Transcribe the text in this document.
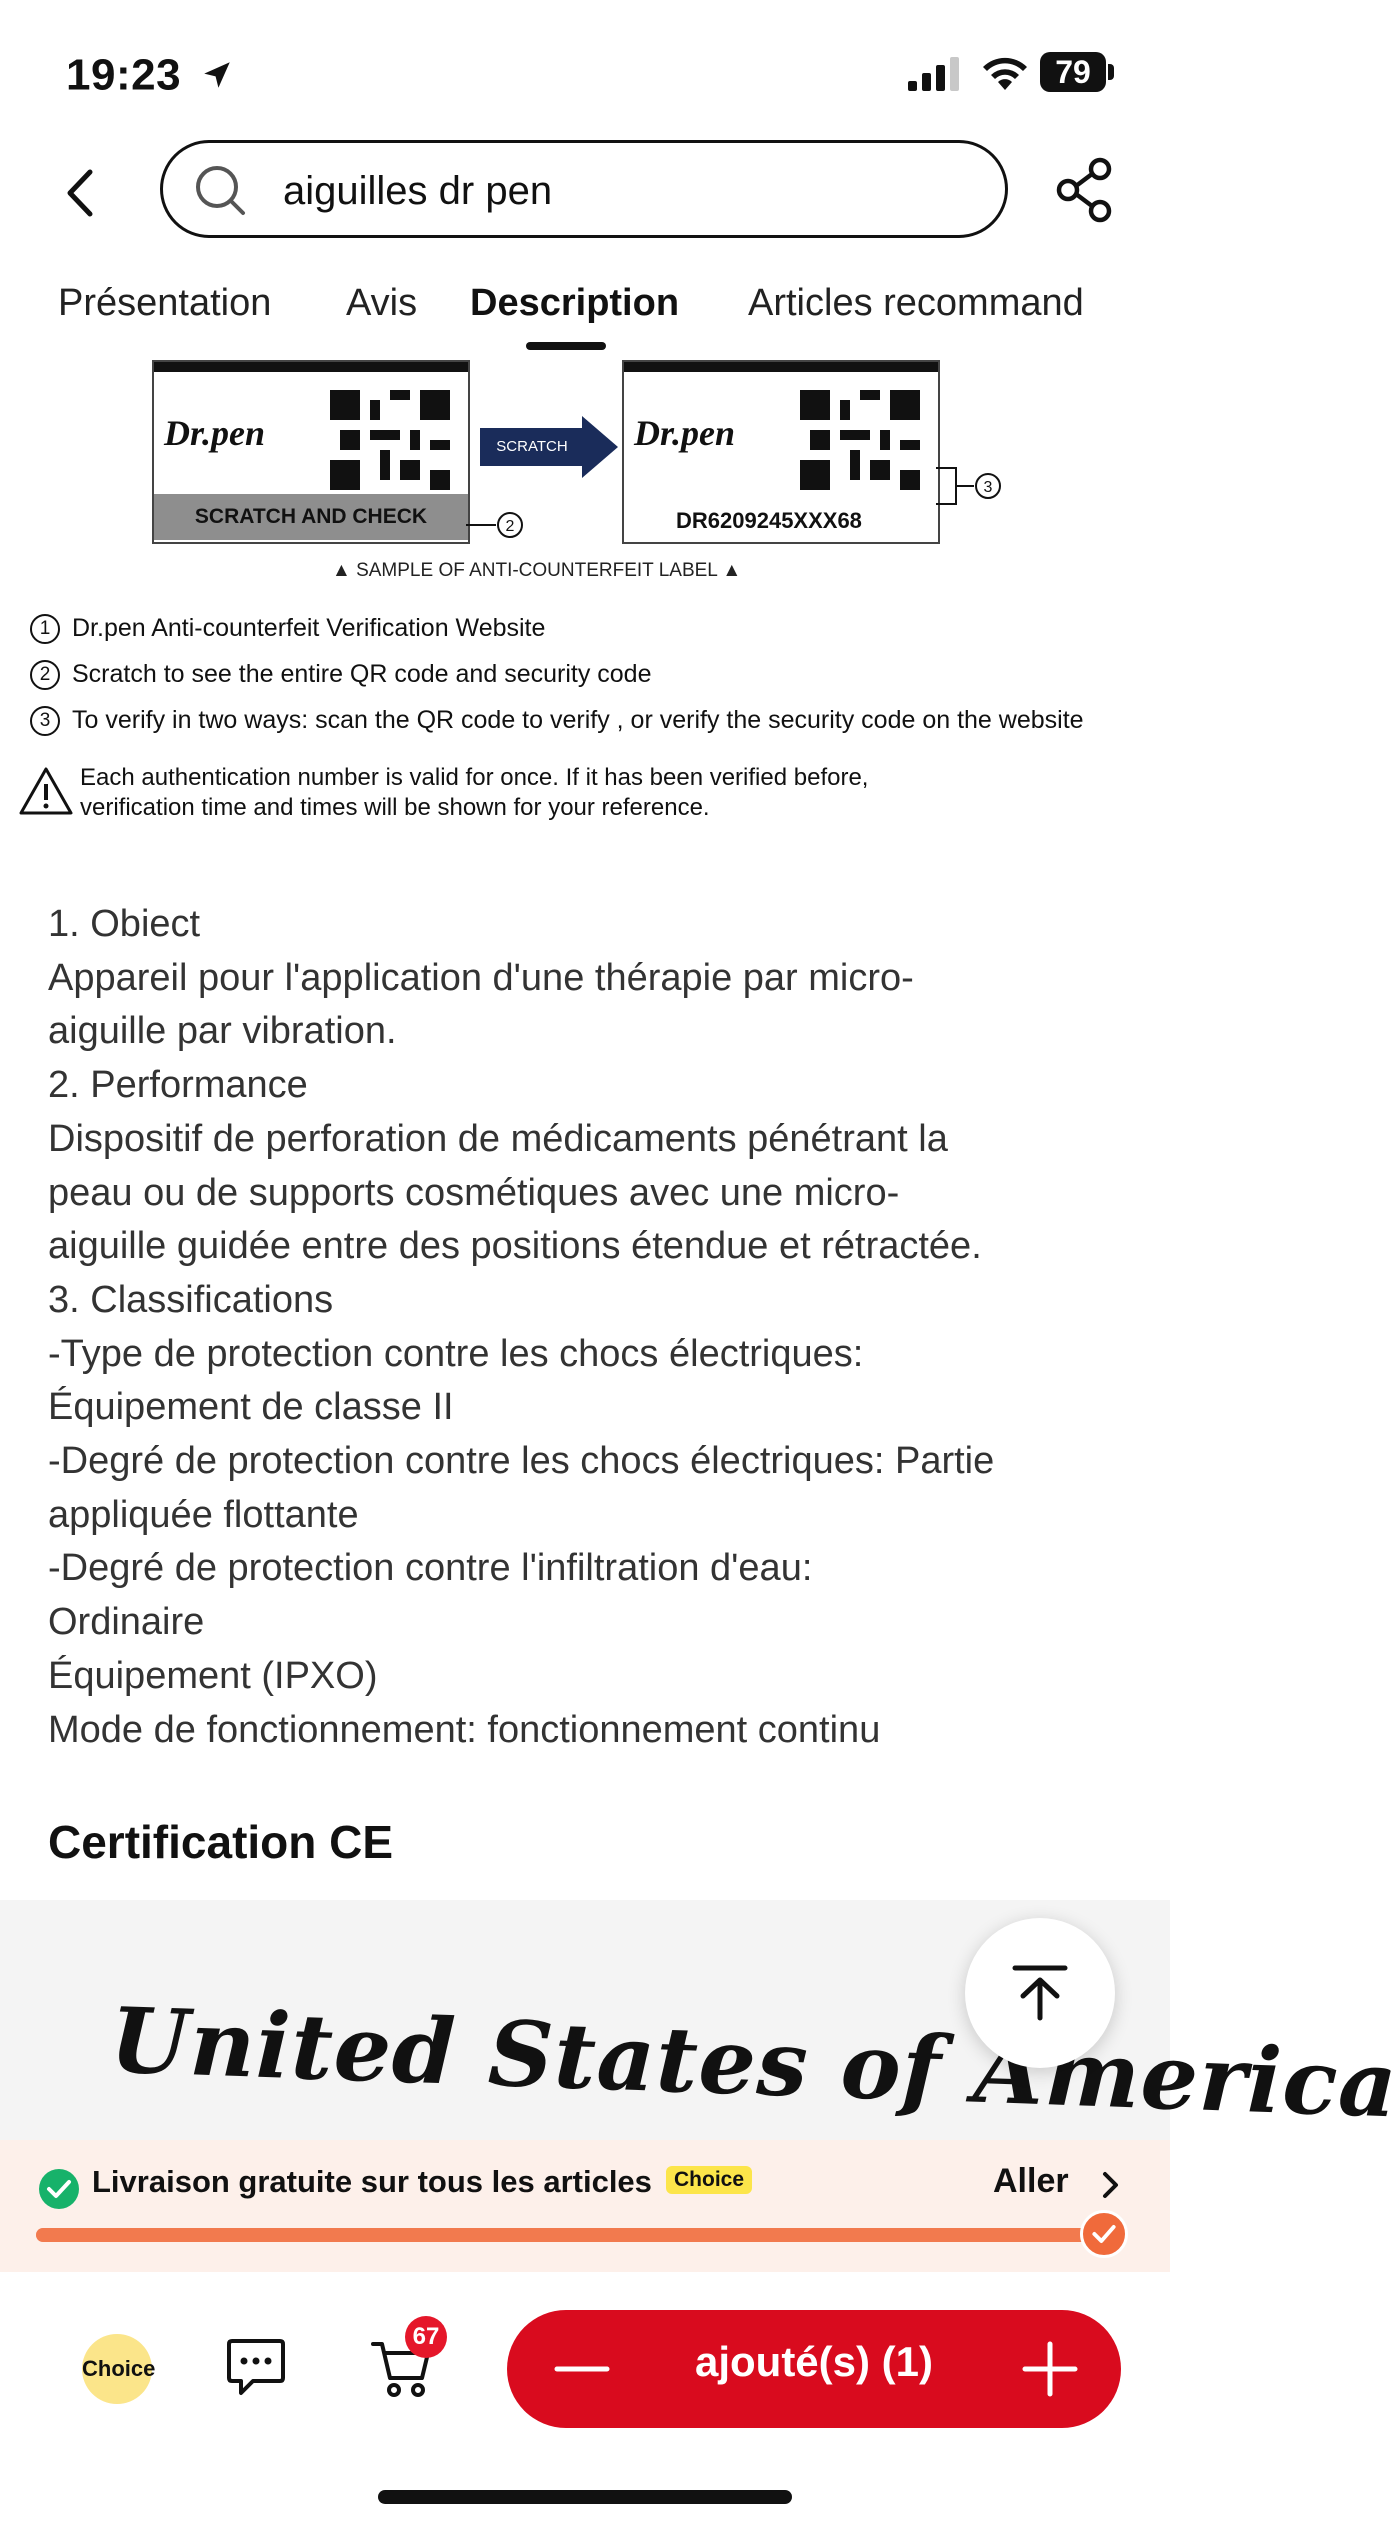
19:23	79
aiguilles dr pen
Présentation Avis Description Articles recommand
Dr.pen
SCRATCH AND CHECK	2
SCRATCH	Dr.pen
DR6209245XXX68
3
▲ SAMPLE OF ANTI-COUNTERFEIT LABEL ▲
1 Dr.pen Anti-counterfeit Verification Website
2 Scratch to see the entire QR code and security code
3 To verify in two ways: scan the QR code to verify , or verify the security code on the website
Each authentication number is valid for once. If it has been verified before,
verification time and times will be shown for your reference.
1. Obiect
Appareil pour l'application d'une thérapie par micro-
aiguille par vibration.
2. Performance
Dispositif de perforation de médicaments pénétrant la
peau ou de supports cosmétiques avec une micro-
aiguille guidée entre des positions étendue et rétractée.
3. Classifications
-Type de protection contre les chocs électriques:
Équipement de classe II
-Degré de protection contre les chocs électriques: Partie
appliquée flottante
-Degré de protection contre l'infiltration d'eau:
Ordinaire
Équipement (IPXO)
Mode de fonctionnement: fonctionnement continu
Certification CE
United States of America
Livraison gratuite sur tous les articles	Choice	Aller
Choice
67
ajouté(s) (1)
